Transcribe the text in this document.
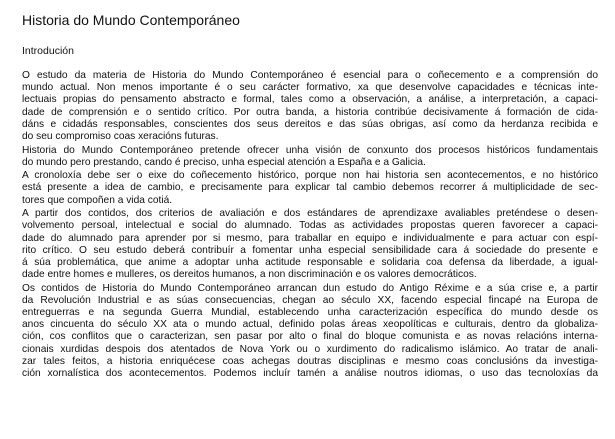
Historia do Mundo Contemporáneo
Introdución
O estudo da materia de Historia do Mundo Contemporáneo é esencial para o coñecemento e a comprensión do
mundo actual. Non menos importante é o seu carácter formativo, xa que desenvolve capacidades e técnicas inte-
lectuais propias do pensamento abstracto e formal, tales como a observación, a análise, a interpretación, a capaci-
dade de comprensión e o sentido crítico. Por outra banda, a historia contribúe decisivamente á formación de cida-
dáns e cidadás responsables, conscientes dos seus dereitos e das súas obrigas, así como da herdanza recibida e
do seu compromiso coas xeracións futuras.
Historia do Mundo Contemporáneo pretende ofrecer unha visión de conxunto dos procesos históricos fundamentais
do mundo pero prestando, cando é preciso, unha especial atención a España e a Galicia.
A cronoloxía debe ser o eixe do coñecemento histórico, porque non hai historia sen acontecementos, e no histórico
está presente a idea de cambio, e precisamente para explicar tal cambio debemos recorrer á multiplicidade de sec-
tores que compoñen a vida cotiá.
A partir dos contidos, dos criterios de avaliación e dos estándares de aprendizaxe avaliables preténdese o desen-
volvemento persoal, intelectual e social do alumnado. Todas as actividades propostas queren favorecer a capaci-
dade do alumnado para aprender por si mesmo, para traballar en equipo e individualmente e para actuar con espí-
rito crítico. O seu estudo deberá contribuír a fomentar unha especial sensibilidade cara á sociedade do presente e
á súa problemática, que anime a adoptar unha actitude responsable e solidaria coa defensa da liberdade, a igual-
dade entre homes e mulleres, os dereitos humanos, a non discriminación e os valores democráticos.
Os contidos de Historia do Mundo Contemporáneo arrancan dun estudo do Antigo Réxime e a súa crise e, a partir
da Revolución Industrial e as súas consecuencias, chegan ao século XX, facendo especial fincapé na Europa de
entreguerras e na segunda Guerra Mundial, establecendo unha caracterización específica do mundo desde os
anos cincuenta do século XX ata o mundo actual, definido polas áreas xeopolíticas e culturais, dentro da globaliza-
ción, cos conflitos que o caracterizan, sen pasar por alto o final do bloque comunista e as novas relacións interna-
cionais xurdidas despois dos atentados de Nova York ou o xurdimento do radicalismo islámico. Ao tratar de anali-
zar tales feitos, a historia enriquécese coas achegas doutras disciplinas e mesmo coas conclusións da investiga-
ción xornalística dos acontecementos. Podemos incluír tamén a análise noutros idiomas, o uso das tecnoloxías da
